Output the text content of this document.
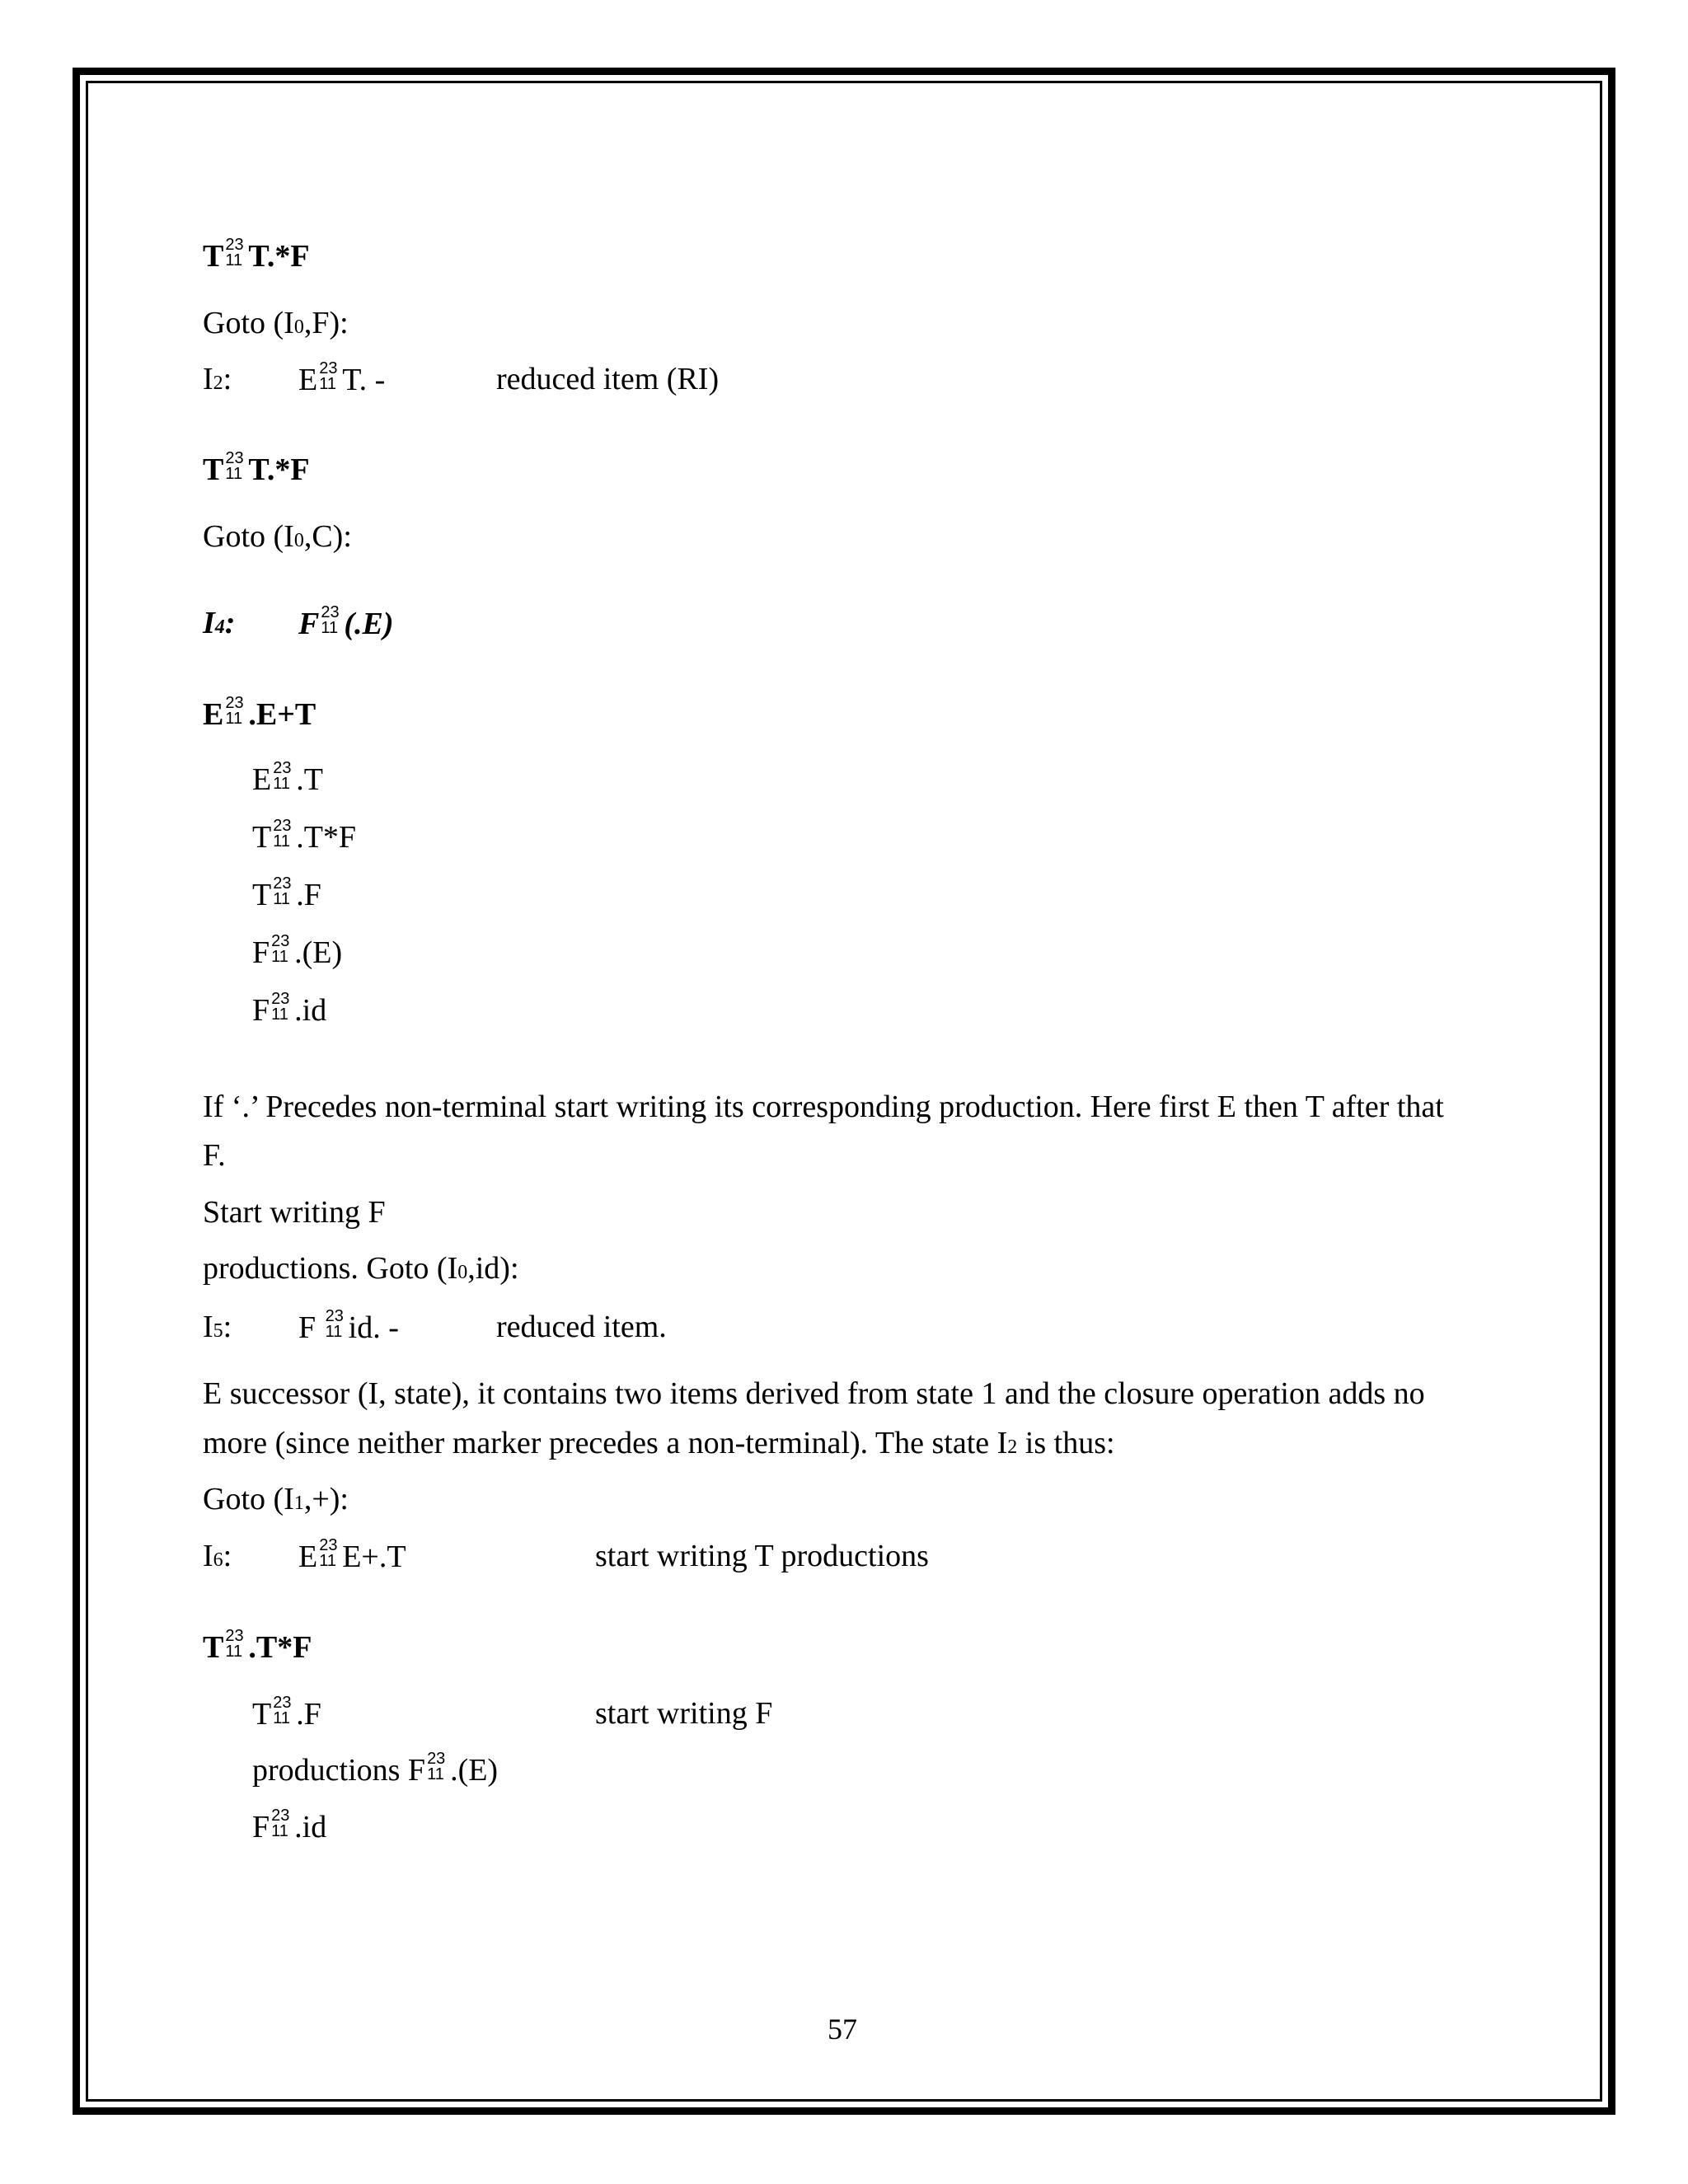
T 23
11 T.*F
Goto (I0,F):
I2: E 23
11 T. -	reduced item (RI)
T 23
11 T.*F
Goto (I0,C):
I4: F 23
11 (.E)
E 23
11 .E+T
E 23
11 .T
T 23
11 .T*F
T 23
11 .F
F 23
11 .(E)
F 23
11 .id
If ‘.’ Precedes non-terminal start writing its corresponding production. Here first E then T after that
F.
Start writing F
productions. Goto (I0,id):
I5: F 23
11 id. -	reduced item.
E successor (I, state), it contains two items derived from state 1 and the closure operation adds no
more (since neither marker precedes a non-terminal). The state I2 is thus:
Goto (I1,+):
I6: E 23
11 E+.T	start writing T productions
T 23
11 .T*F
T 23
11 .F	start writing F
productions F 23
11 .(E)
F 23
11 .id
57
